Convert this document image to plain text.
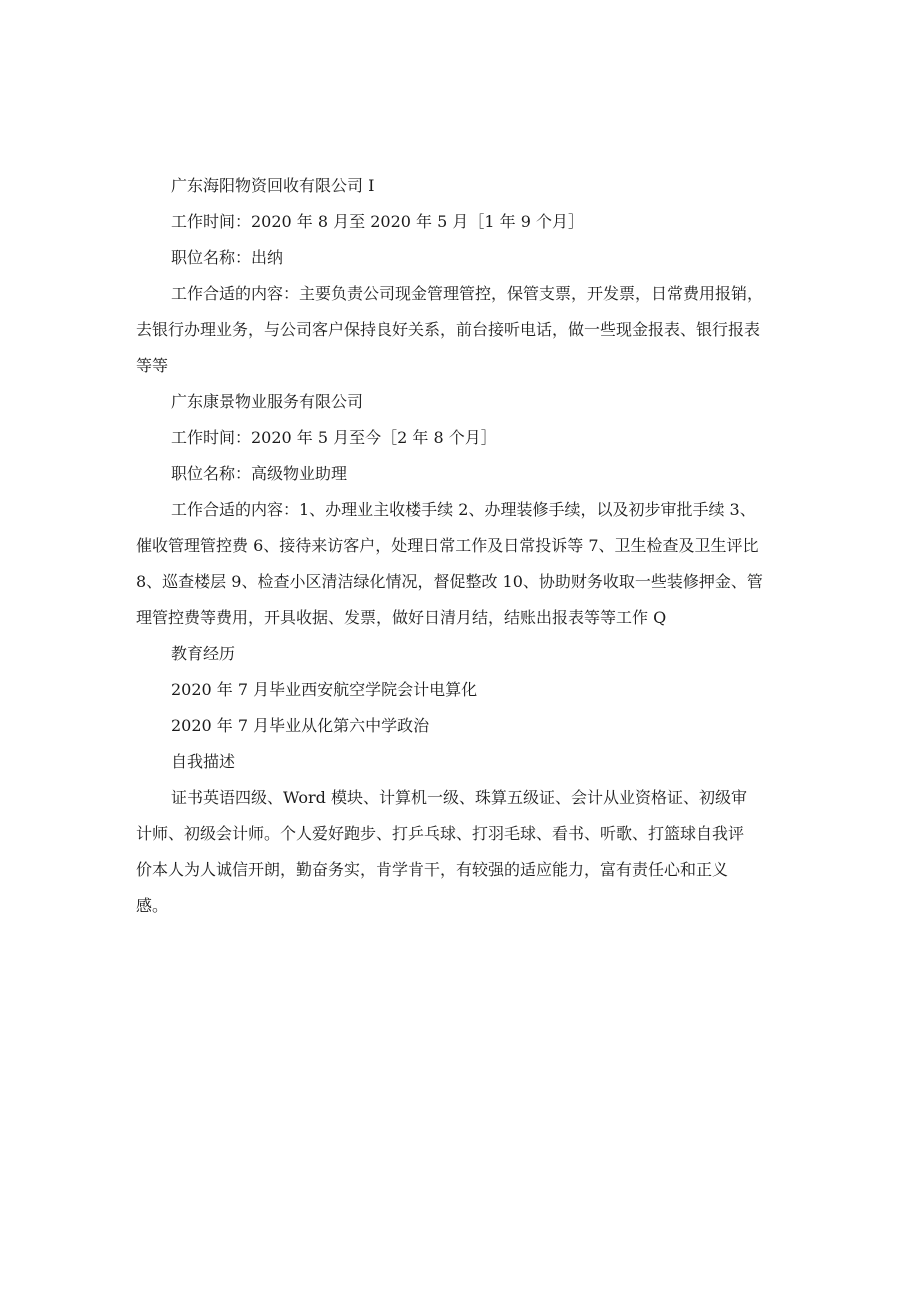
广东海阳物资回收有限公司 I
工作时间：2020 年 8 月至 2020 年 5 月［1 年 9 个月］
职位名称：出纳
工作合适的内容：主要负责公司现金管理管控，保管支票，开发票，日常费用报销，
去银行办理业务，与公司客户保持良好关系，前台接听电话，做一些现金报表、银行报表
等等
广东康景物业服务有限公司
工作时间：2020 年 5 月至今［2 年 8 个月］
职位名称：高级物业助理
工作合适的内容：1、办理业主收楼手续 2、办理装修手续，以及初步审批手续 3、
催收管理管控费 6、接待来访客户，处理日常工作及日常投诉等 7、卫生检查及卫生评比
8、巡查楼层 9、检查小区清洁绿化情况，督促整改 10、协助财务收取一些装修押金、管
理管控费等费用，开具收据、发票，做好日清月结，结账出报表等等工作 Q
教育经历
2020 年 7 月毕业西安航空学院会计电算化
2020 年 7 月毕业从化第六中学政治
自我描述
证书英语四级、Word 模块、计算机一级、珠算五级证、会计从业资格证、初级审
计师、初级会计师。个人爱好跑步、打乒乓球、打羽毛球、看书、听歌、打篮球自我评
价本人为人诚信开朗，勤奋务实，肯学肯干，有较强的适应能力，富有责任心和正义
感。
